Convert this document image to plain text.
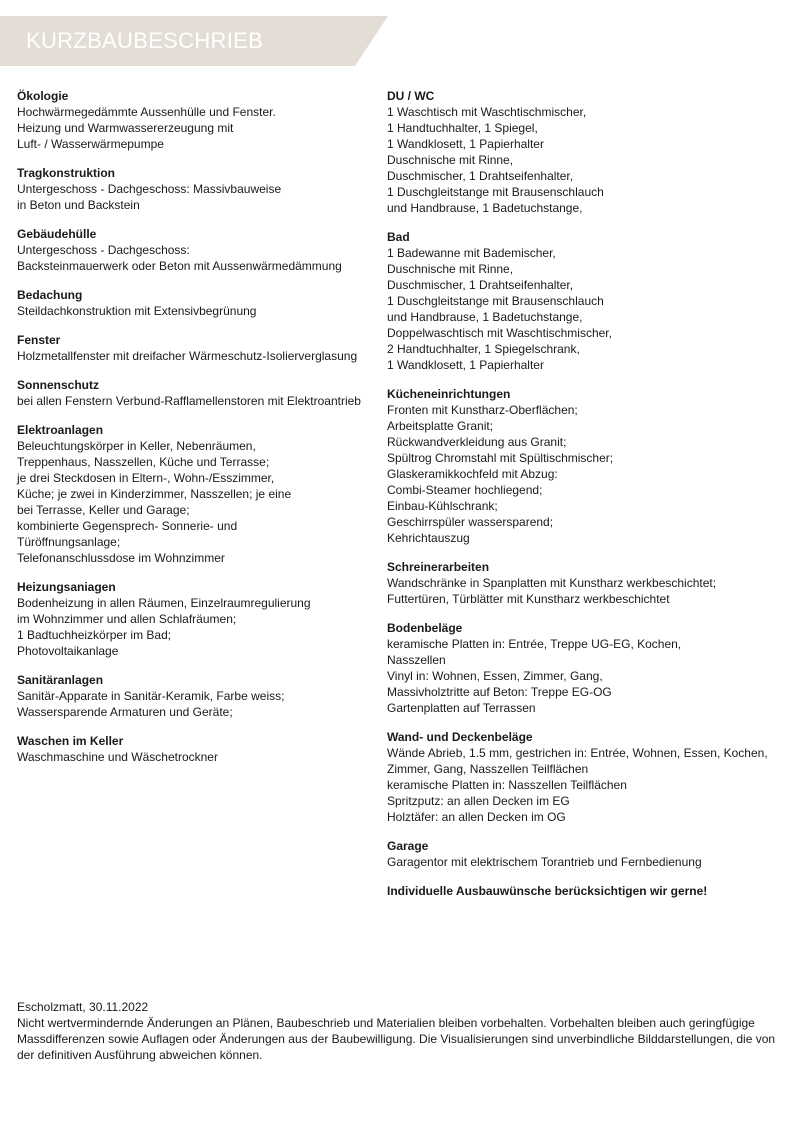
KURZBAUBESCHRIEB
Ökologie
Hochwärmegedämmte Aussenhülle und Fenster.
Heizung und Warmwassererzeugung mit
Luft- / Wasserwärmepumpe
Tragkonstruktion
Untergeschoss - Dachgeschoss: Massivbauweise
in Beton und Backstein
Gebäudehülle
Untergeschoss - Dachgeschoss:
Backsteinmauerwerk oder Beton mit Aussenwärmedämmung
Bedachung
Steildachkonstruktion mit Extensivbegrünung
Fenster
Holzmetallfenster mit dreifacher Wärmeschutz-Isolierverglasung
Sonnenschutz
bei allen Fenstern Verbund-Rafflamellenstoren mit Elektroantrieb
Elektroanlagen
Beleuchtungskörper in Keller, Nebenräumen,
Treppenhaus, Nasszellen, Küche und Terrasse;
je drei Steckdosen in Eltern-, Wohn-/Esszimmer,
Küche; je zwei in Kinderzimmer, Nasszellen; je eine
bei Terrasse, Keller und Garage;
kombinierte Gegensprech- Sonnerie- und
Türöffnungsanlage;
Telefonanschlussdose im Wohnzimmer
Heizungsaniagen
Bodenheizung in allen Räumen, Einzelraumregulierung
im Wohnzimmer und allen Schlafräumen;
1 Badtuchheizkörper im Bad;
Photovoltaikanlage
Sanitäranlagen
Sanitär-Apparate in Sanitär-Keramik, Farbe weiss;
Wassersparende Armaturen und Geräte;
Waschen im Keller
Waschmaschine und Wäschetrockner
DU / WC
1 Waschtisch mit Waschtischmischer,
1 Handtuchhalter, 1 Spiegel,
1 Wandklosett, 1 Papierhalter
Duschnische mit Rinne,
Duschmischer, 1 Drahtseifenhalter,
1 Duschgleitstange mit Brausenschlauch
und Handbrause, 1 Badetuchstange,
Bad
1 Badewanne mit Bademischer,
Duschnische mit Rinne,
Duschmischer, 1 Drahtseifenhalter,
1 Duschgleitstange mit Brausenschlauch
und Handbrause, 1 Badetuchstange,
Doppelwaschtisch mit Waschtischmischer,
2 Handtuchhalter, 1 Spiegelschrank,
1 Wandklosett, 1 Papierhalter
Kücheneinrichtungen
Fronten mit Kunstharz-Oberflächen;
Arbeitsplatte Granit;
Rückwandverkleidung aus Granit;
Spültrog Chromstahl mit Spültischmischer;
Glaskeramikkochfeld mit Abzug:
Combi-Steamer hochliegend;
Einbau-Kühlschrank;
Geschirrspüler wassersparend;
Kehrichtauszug
Schreinerarbeiten
Wandschränke in Spanplatten mit Kunstharz werkbeschichtet;
Futtertüren, Türblätter mit Kunstharz werkbeschichtet
Bodenbeläge
keramische Platten in: Entrée, Treppe UG-EG, Kochen,
Nasszellen
Vinyl in: Wohnen, Essen, Zimmer, Gang,
Massivholztritte auf Beton: Treppe EG-OG
Gartenplatten auf Terrassen
Wand- und Deckenbeläge
Wände Abrieb, 1.5 mm, gestrichen in: Entrée, Wohnen, Essen, Kochen,
Zimmer, Gang, Nasszellen Teilflächen
keramische Platten in: Nasszellen Teilflächen
Spritzputz: an allen Decken im EG
Holztäfer: an allen Decken im OG
Garage
Garagentor mit elektrischem Torantrieb und Fernbedienung
Individuelle Ausbauwünsche berücksichtigen wir gerne!

Escholzmatt, 30.11.2022

Nicht wertvermindernde Änderungen an Plänen, Baubeschrieb und Materialien bleiben vorbehalten. Vorbehalten bleiben auch geringfügige Massdifferenzen sowie Auflagen oder Änderungen aus der Baubewilligung. Die Visualisierungen sind unverbindliche Bilddarstellungen, die von der definitiven Ausführung abweichen können.
